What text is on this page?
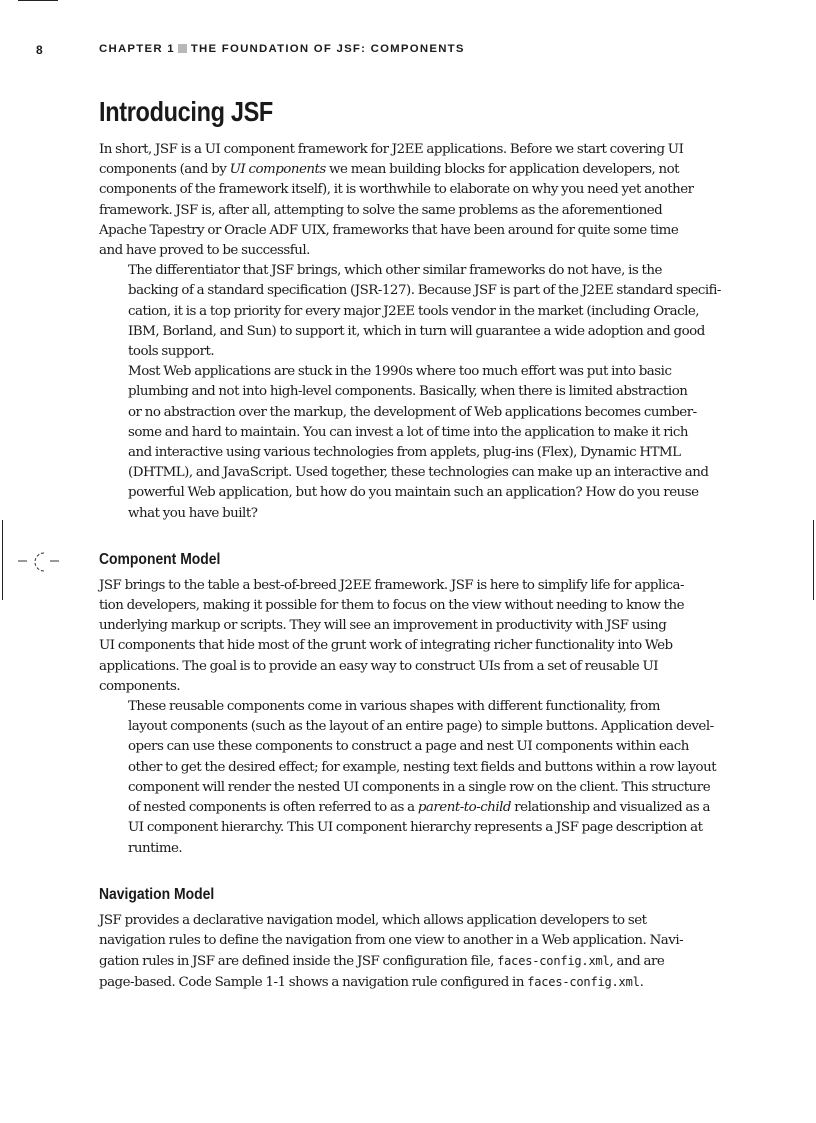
8	CHAPTER 1 THE FOUNDATION OF JSF: COMPONENTS
Introducing JSF

In short, JSF is a UI component framework for J2EE applications. Before we start covering UI
components (and by UI components we mean building blocks for application developers, not
components of the framework itself), it is worthwhile to elaborate on why you need yet another
framework. JSF is, after all, attempting to solve the same problems as the aforementioned
Apache Tapestry or Oracle ADF UIX, frameworks that have been around for quite some time
and have proved to be successful.

The differentiator that JSF brings, which other similar frameworks do not have, is the
backing of a standard specification (JSR-127). Because JSF is part of the J2EE standard specifi-
cation, it is a top priority for every major J2EE tools vendor in the market (including Oracle,
IBM, Borland, and Sun) to support it, which in turn will guarantee a wide adoption and good
tools support.

Most Web applications are stuck in the 1990s where too much effort was put into basic
plumbing and not into high-level components. Basically, when there is limited abstraction
or no abstraction over the markup, the development of Web applications becomes cumber-
some and hard to maintain. You can invest a lot of time into the application to make it rich
and interactive using various technologies from applets, plug-ins (Flex), Dynamic HTML
(DHTML), and JavaScript. Used together, these technologies can make up an interactive and
powerful Web application, but how do you maintain such an application? How do you reuse
what you have built?

Component Model

JSF brings to the table a best-of-breed J2EE framework. JSF is here to simplify life for applica-
tion developers, making it possible for them to focus on the view without needing to know the
underlying markup or scripts. They will see an improvement in productivity with JSF using
UI components that hide most of the grunt work of integrating richer functionality into Web
applications. The goal is to provide an easy way to construct UIs from a set of reusable UI
components.

These reusable components come in various shapes with different functionality, from
layout components (such as the layout of an entire page) to simple buttons. Application devel-
opers can use these components to construct a page and nest UI components within each
other to get the desired effect; for example, nesting text fields and buttons within a row layout
component will render the nested UI components in a single row on the client. This structure
of nested components is often referred to as a parent-to-child relationship and visualized as a
UI component hierarchy. This UI component hierarchy represents a JSF page description at
runtime.

Navigation Model

JSF provides a declarative navigation model, which allows application developers to set
navigation rules to define the navigation from one view to another in a Web application. Navi-
gation rules in JSF are defined inside the JSF configuration file, faces-config.xml, and are
page-based. Code Sample 1-1 shows a navigation rule configured in faces-config.xml.
